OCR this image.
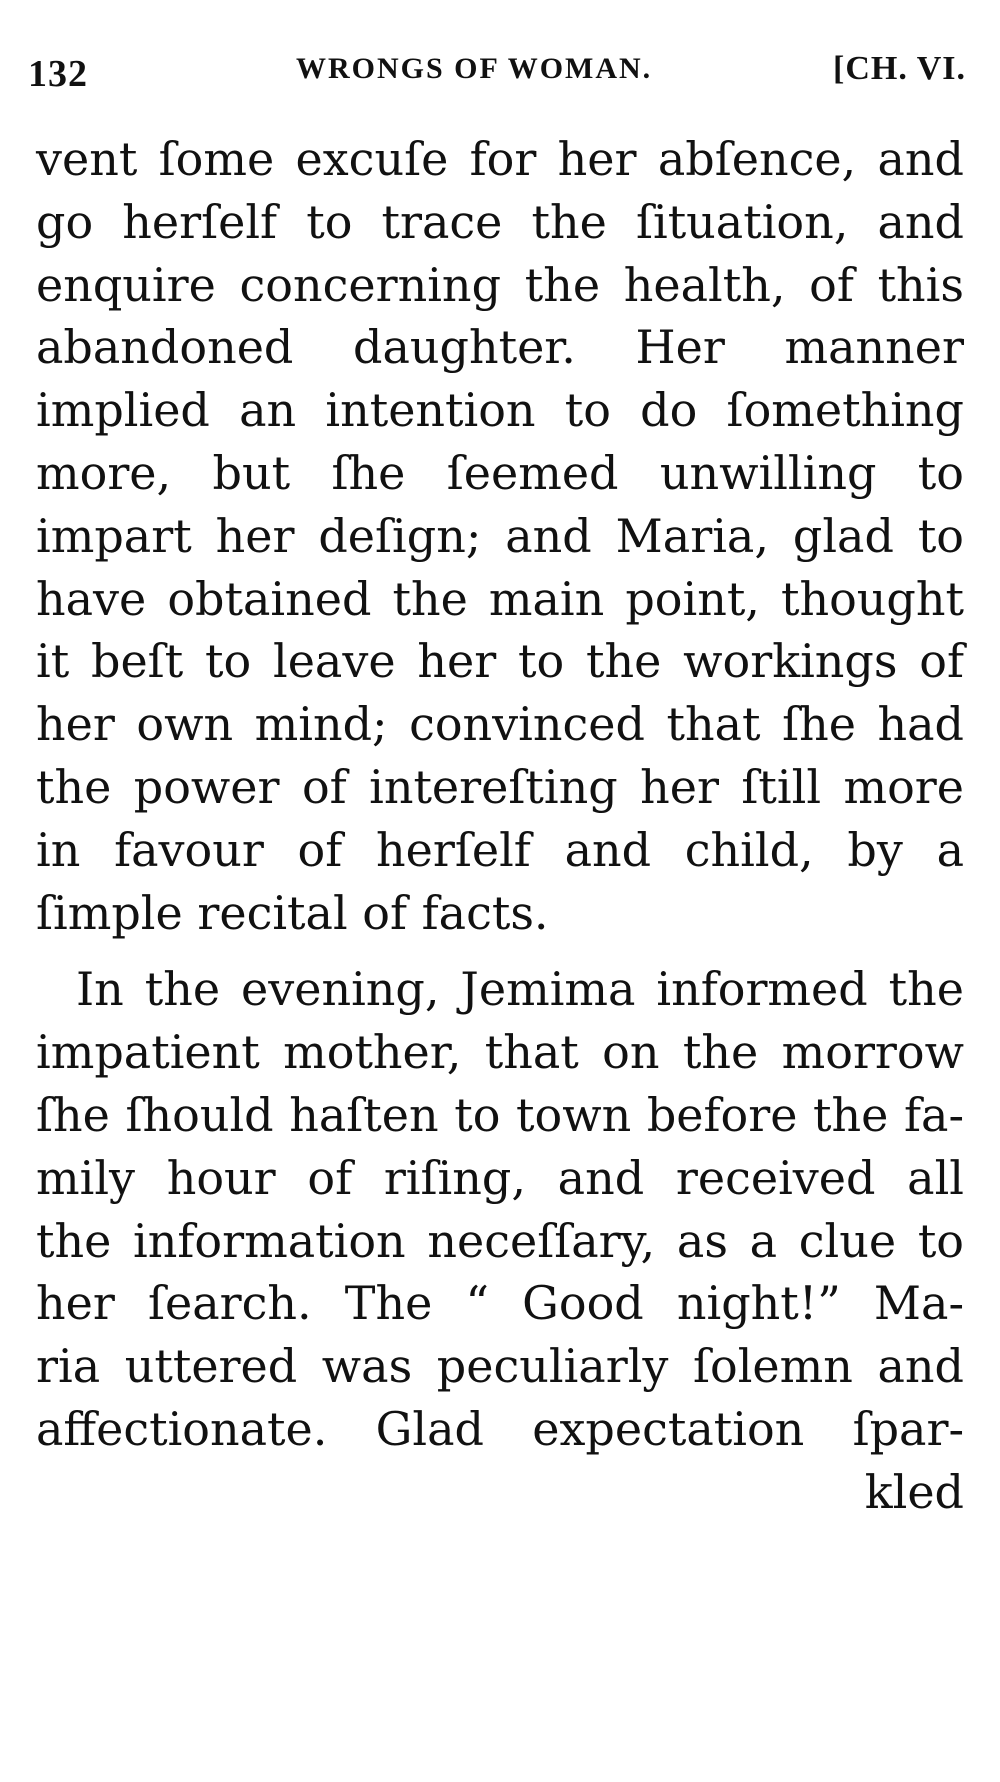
132	WRONGS OF WOMAN.	[CH. VI.
vent ſome excuſe for her abſence, and
go herſelf to trace the ſituation, and
enquire concerning the health, of this
abandoned daughter. Her manner
implied an intention to do ſomething
more, but ſhe ſeemed unwilling to
impart her deſign; and Maria, glad to
have obtained the main point, thought
it beſt to leave her to the workings of
her own mind; convinced that ſhe had
the power of intereſting her ſtill more
in favour of herſelf and child, by a
ſimple recital of facts.
In the evening, Jemima informed the
impatient mother, that on the morrow
ſhe ſhould haſten to town before the fa-
mily hour of riſing, and received all
the information neceſſary, as a clue to
her ſearch. The “ Good night!” Ma-
ria uttered was peculiarly ſolemn and
affectionate. Glad expectation ſpar-
kled
